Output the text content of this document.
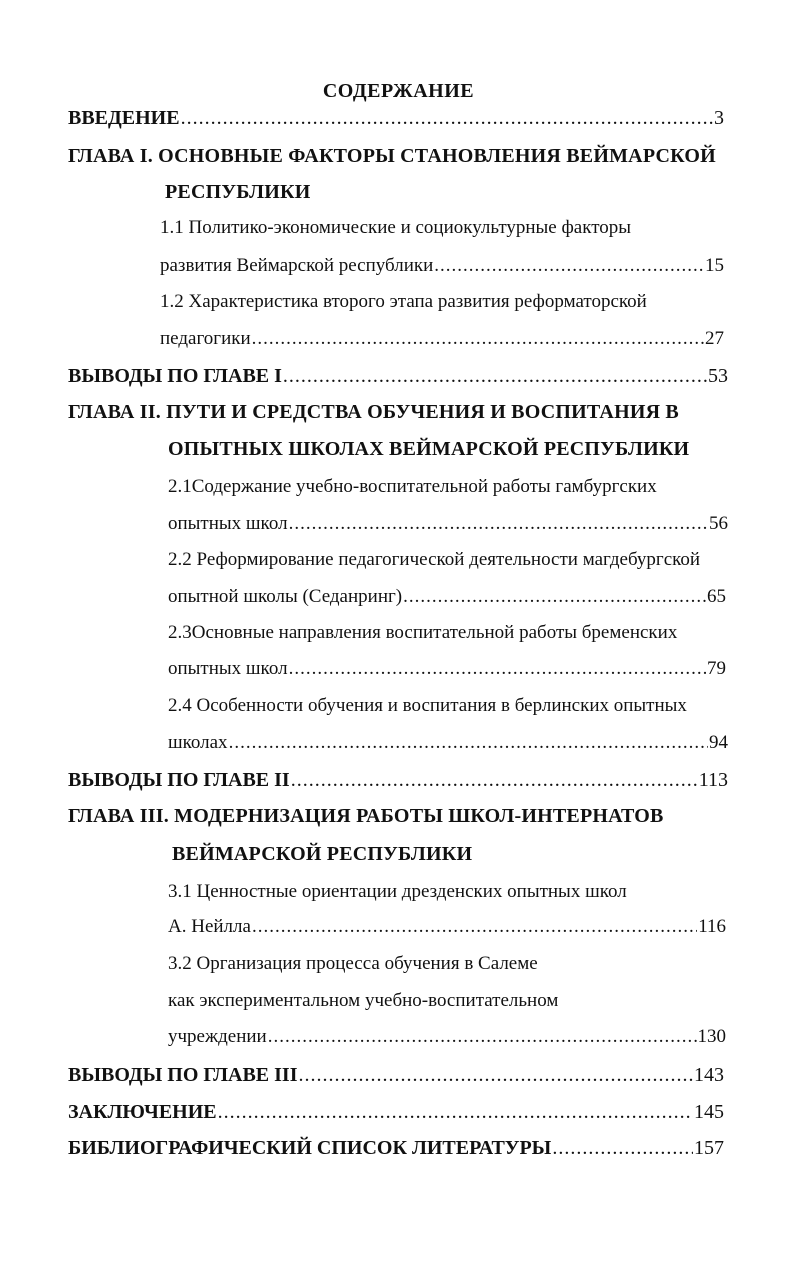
СОДЕРЖАНИЕ
ВВЕДЕНИЕ .....	3
ГЛАВА I. ОСНОВНЫЕ ФАКТОРЫ СТАНОВЛЕНИЯ ВЕЙМАРСКОЙ
РЕСПУБЛИКИ
1.1 Политико-экономические и социокультурные факторы
развития Веймарской республики .....	15
1.2 Характеристика второго этапа развития реформаторской
педагогики .....	27
ВЫВОДЫ ПО ГЛАВЕ I .....	53
ГЛАВА II. ПУТИ И СРЕДСТВА ОБУЧЕНИЯ И ВОСПИТАНИЯ В
ОПЫТНЫХ ШКОЛАХ ВЕЙМАРСКОЙ РЕСПУБЛИКИ
2.1Содержание учебно-воспитательной работы гамбургских
опытных школ .....	56
2.2 Реформирование педагогической деятельности магдебургской
опытной школы (Седанринг) .....	65
2.3Основные направления воспитательной работы бременских
опытных школ .....	79
2.4 Особенности обучения и воспитания в берлинских опытных
школах .....	94
ВЫВОДЫ ПО ГЛАВЕ II .....	113
ГЛАВА III. МОДЕРНИЗАЦИЯ РАБОТЫ ШКОЛ-ИНТЕРНАТОВ
ВЕЙМАРСКОЙ РЕСПУБЛИКИ
3.1 Ценностные ориентации дрезденских опытных школ
А. Нейлла .....	116
3.2 Организация процесса обучения в Салеме
как экспериментальном учебно-воспитательном
учреждении .....	130
ВЫВОДЫ ПО ГЛАВЕ III .....	143
ЗАКЛЮЧЕНИЕ .....	145
БИБЛИОГРАФИЧЕСКИЙ СПИСОК ЛИТЕРАТУРЫ .....	157
